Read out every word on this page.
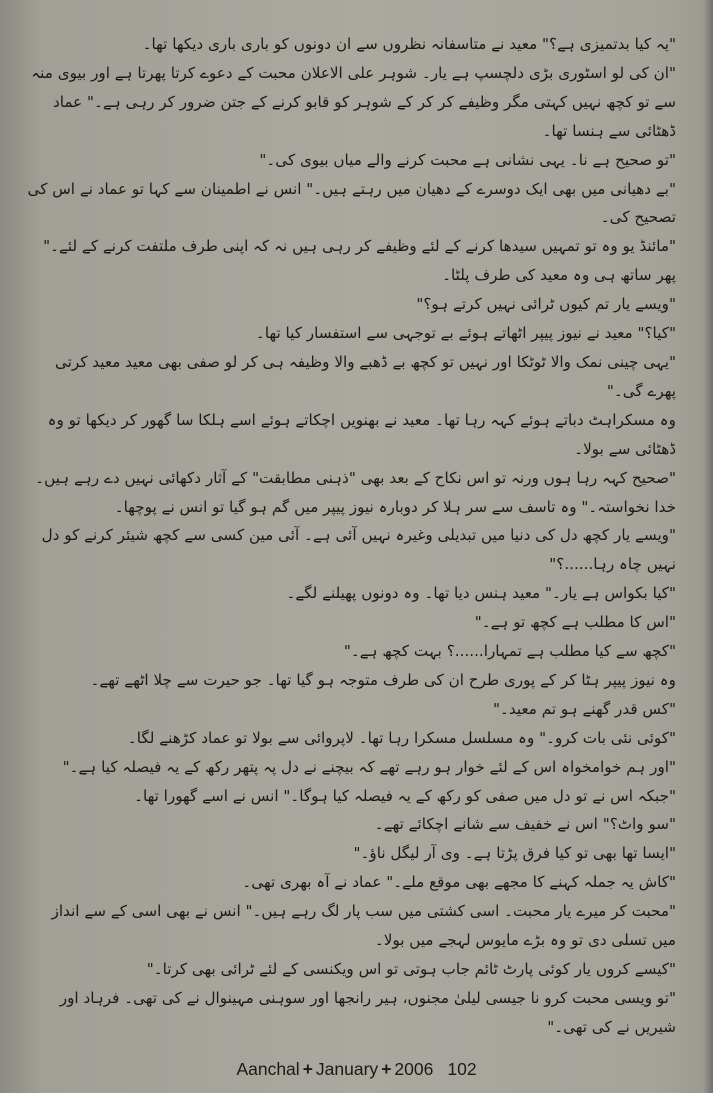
"یہ کیا بدتمیزی ہے؟" معید نے متاسفانہ نظروں سے ان دونوں کو باری باری دیکھا تھا۔

"ان کی لو اسٹوری بڑی دلچسپ ہے یار۔ شوہر علی الاعلان محبت کے دعوے کرتا پھرتا ہے اور بیوی منہ سے تو کچھ نہیں کہتی مگر وظیفے کر کر کے شوہر کو قابو کرنے کے جتن ضرور کر رہی ہے۔" عماد ڈھٹائی سے ہنسا تھا۔

"تو صحیح ہے نا۔ یہی نشانی ہے محبت کرنے والے میاں بیوی کی۔"

"بے دھیانی میں بھی ایک دوسرے کے دھیان میں رہتے ہیں۔" انس نے اطمینان سے کہا تو عماد نے اس کی تصحیح کی۔

"مائنڈ یو وہ تو تمہیں سیدھا کرنے کے لئے وظیفے کر رہی ہیں نہ کہ اپنی طرف ملتفت کرنے کے لئے۔"

پھر ساتھ ہی وہ معید کی طرف پلٹا۔

"ویسے یار تم کیوں ٹرائی نہیں کرتے ہو؟"

"کیا؟" معید نے نیوز پیپر اٹھاتے ہوئے بے توجہی سے استفسار کیا تھا۔

"یہی چینی نمک والا ٹوٹکا اور نہیں تو کچھ بے ڈھبے والا وظیفہ ہی کر لو صفی بھی معید معید کرتی پھرے گی۔"

وہ مسکراہٹ دباتے ہوئے کہہ رہا تھا۔ معید نے بھنویں اچکاتے ہوئے اسے ہلکا سا گھور کر دیکھا تو وہ ڈھٹائی سے بولا۔

"صحیح کہہ رہا ہوں ورنہ تو اس نکاح کے بعد بھی "ذہنی مطابقت" کے آثار دکھائی نہیں دے رہے ہیں۔ خدا نخواستہ۔" وہ تاسف سے سر ہلا کر دوبارہ نیوز پیپر میں گم ہو گیا تو انس نے پوچھا۔

"ویسے یار کچھ دل کی دنیا میں تبدیلی وغیرہ نہیں آئی ہے۔ آئی مین کسی سے کچھ شیئر کرنے کو دل نہیں چاہ رہا......؟"

"کیا بکواس ہے یار۔" معید ہنس دیا تھا۔ وہ دونوں پھیلنے لگے۔

"اس کا مطلب ہے کچھ تو ہے۔"

"کچھ سے کیا مطلب ہے تمہارا......؟ بہت کچھ ہے۔"

وہ نیوز پیپر ہٹا کر کے پوری طرح ان کی طرف متوجہ ہو گیا تھا۔ جو حیرت سے چلا اٹھے تھے۔

"کس قدر گھنے ہو تم معید۔"

"کوئی نئی بات کرو۔" وہ مسلسل مسکرا رہا تھا۔ لاپروائی سے بولا تو عماد کڑھنے لگا۔

"اور ہم خوامخواہ اس کے لئے خوار ہو رہے تھے کہ بیچنے نے دل پہ پتھر رکھ کے یہ فیصلہ کیا ہے۔"

"جبکہ اس نے تو دل میں صفی کو رکھ کے یہ فیصلہ کیا ہوگا۔" انس نے اسے گھورا تھا۔

"سو واٹ؟" اس نے خفیف سے شانے اچکائے تھے۔

"ایسا تھا بھی تو کیا فرق پڑتا ہے۔ وی آر لیگل ناؤ۔"

"کاش یہ جملہ کہنے کا مجھے بھی موقع ملے۔" عماد نے آہ بھری تھی۔

"محبت کر میرے یار محبت۔ اسی کشتی میں سب پار لگ رہے ہیں۔" انس نے بھی اسی کے سے انداز میں تسلی دی تو وہ بڑے مایوس لہجے میں بولا۔

"کیسے کروں یار کوئی پارٹ ٹائم جاب ہوتی تو اس ویکنسی کے لئے ٹرائی بھی کرتا۔"

"تو ویسی محبت کرو نا جیسی لیلیٰ مجنوں، ہیر رانجھا اور سوہنی مہینوال نے کی تھی۔ فرہاد اور شیریں نے کی تھی۔"

Aanchal + January + 2006 102
